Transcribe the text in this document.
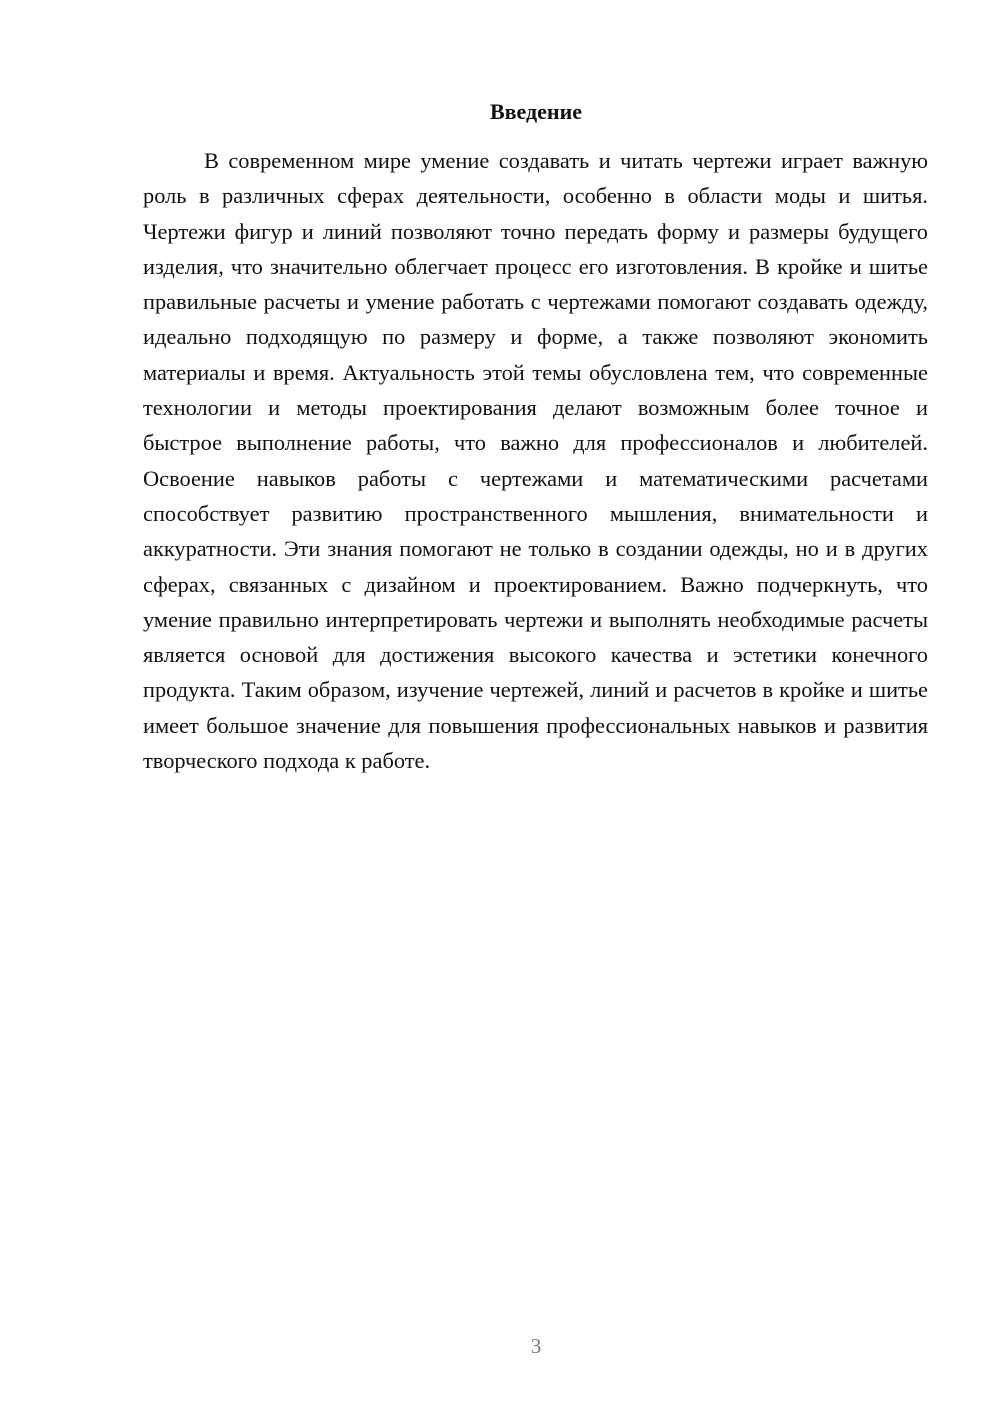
Введение

В современном мире умение создавать и читать чертежи играет важную роль в различных сферах деятельности, особенно в области моды и шитья. Чертежи фигур и линий позволяют точно передать форму и размеры будущего изделия, что значительно облегчает процесс его изготовления. В кройке и шитье правильные расчеты и умение работать с чертежами помогают создавать одежду, идеально подходящую по размеру и форме, а также позволяют экономить материалы и время. Актуальность этой темы обусловлена тем, что современные технологии и методы проектирования делают возможным более точное и быстрое выполнение работы, что важно для профессионалов и любителей. Освоение навыков работы с чертежами и математическими расчетами способствует развитию пространственного мышления, внимательности и аккуратности. Эти знания помогают не только в создании одежды, но и в других сферах, связанных с дизайном и проектированием. Важно подчеркнуть, что умение правильно интерпретировать чертежи и выполнять необходимые расчеты является основой для достижения высокого качества и эстетики конечного продукта. Таким образом, изучение чертежей, линий и расчетов в кройке и шитье имеет большое значение для повышения профессиональных навыков и развития творческого подхода к работе.

3
